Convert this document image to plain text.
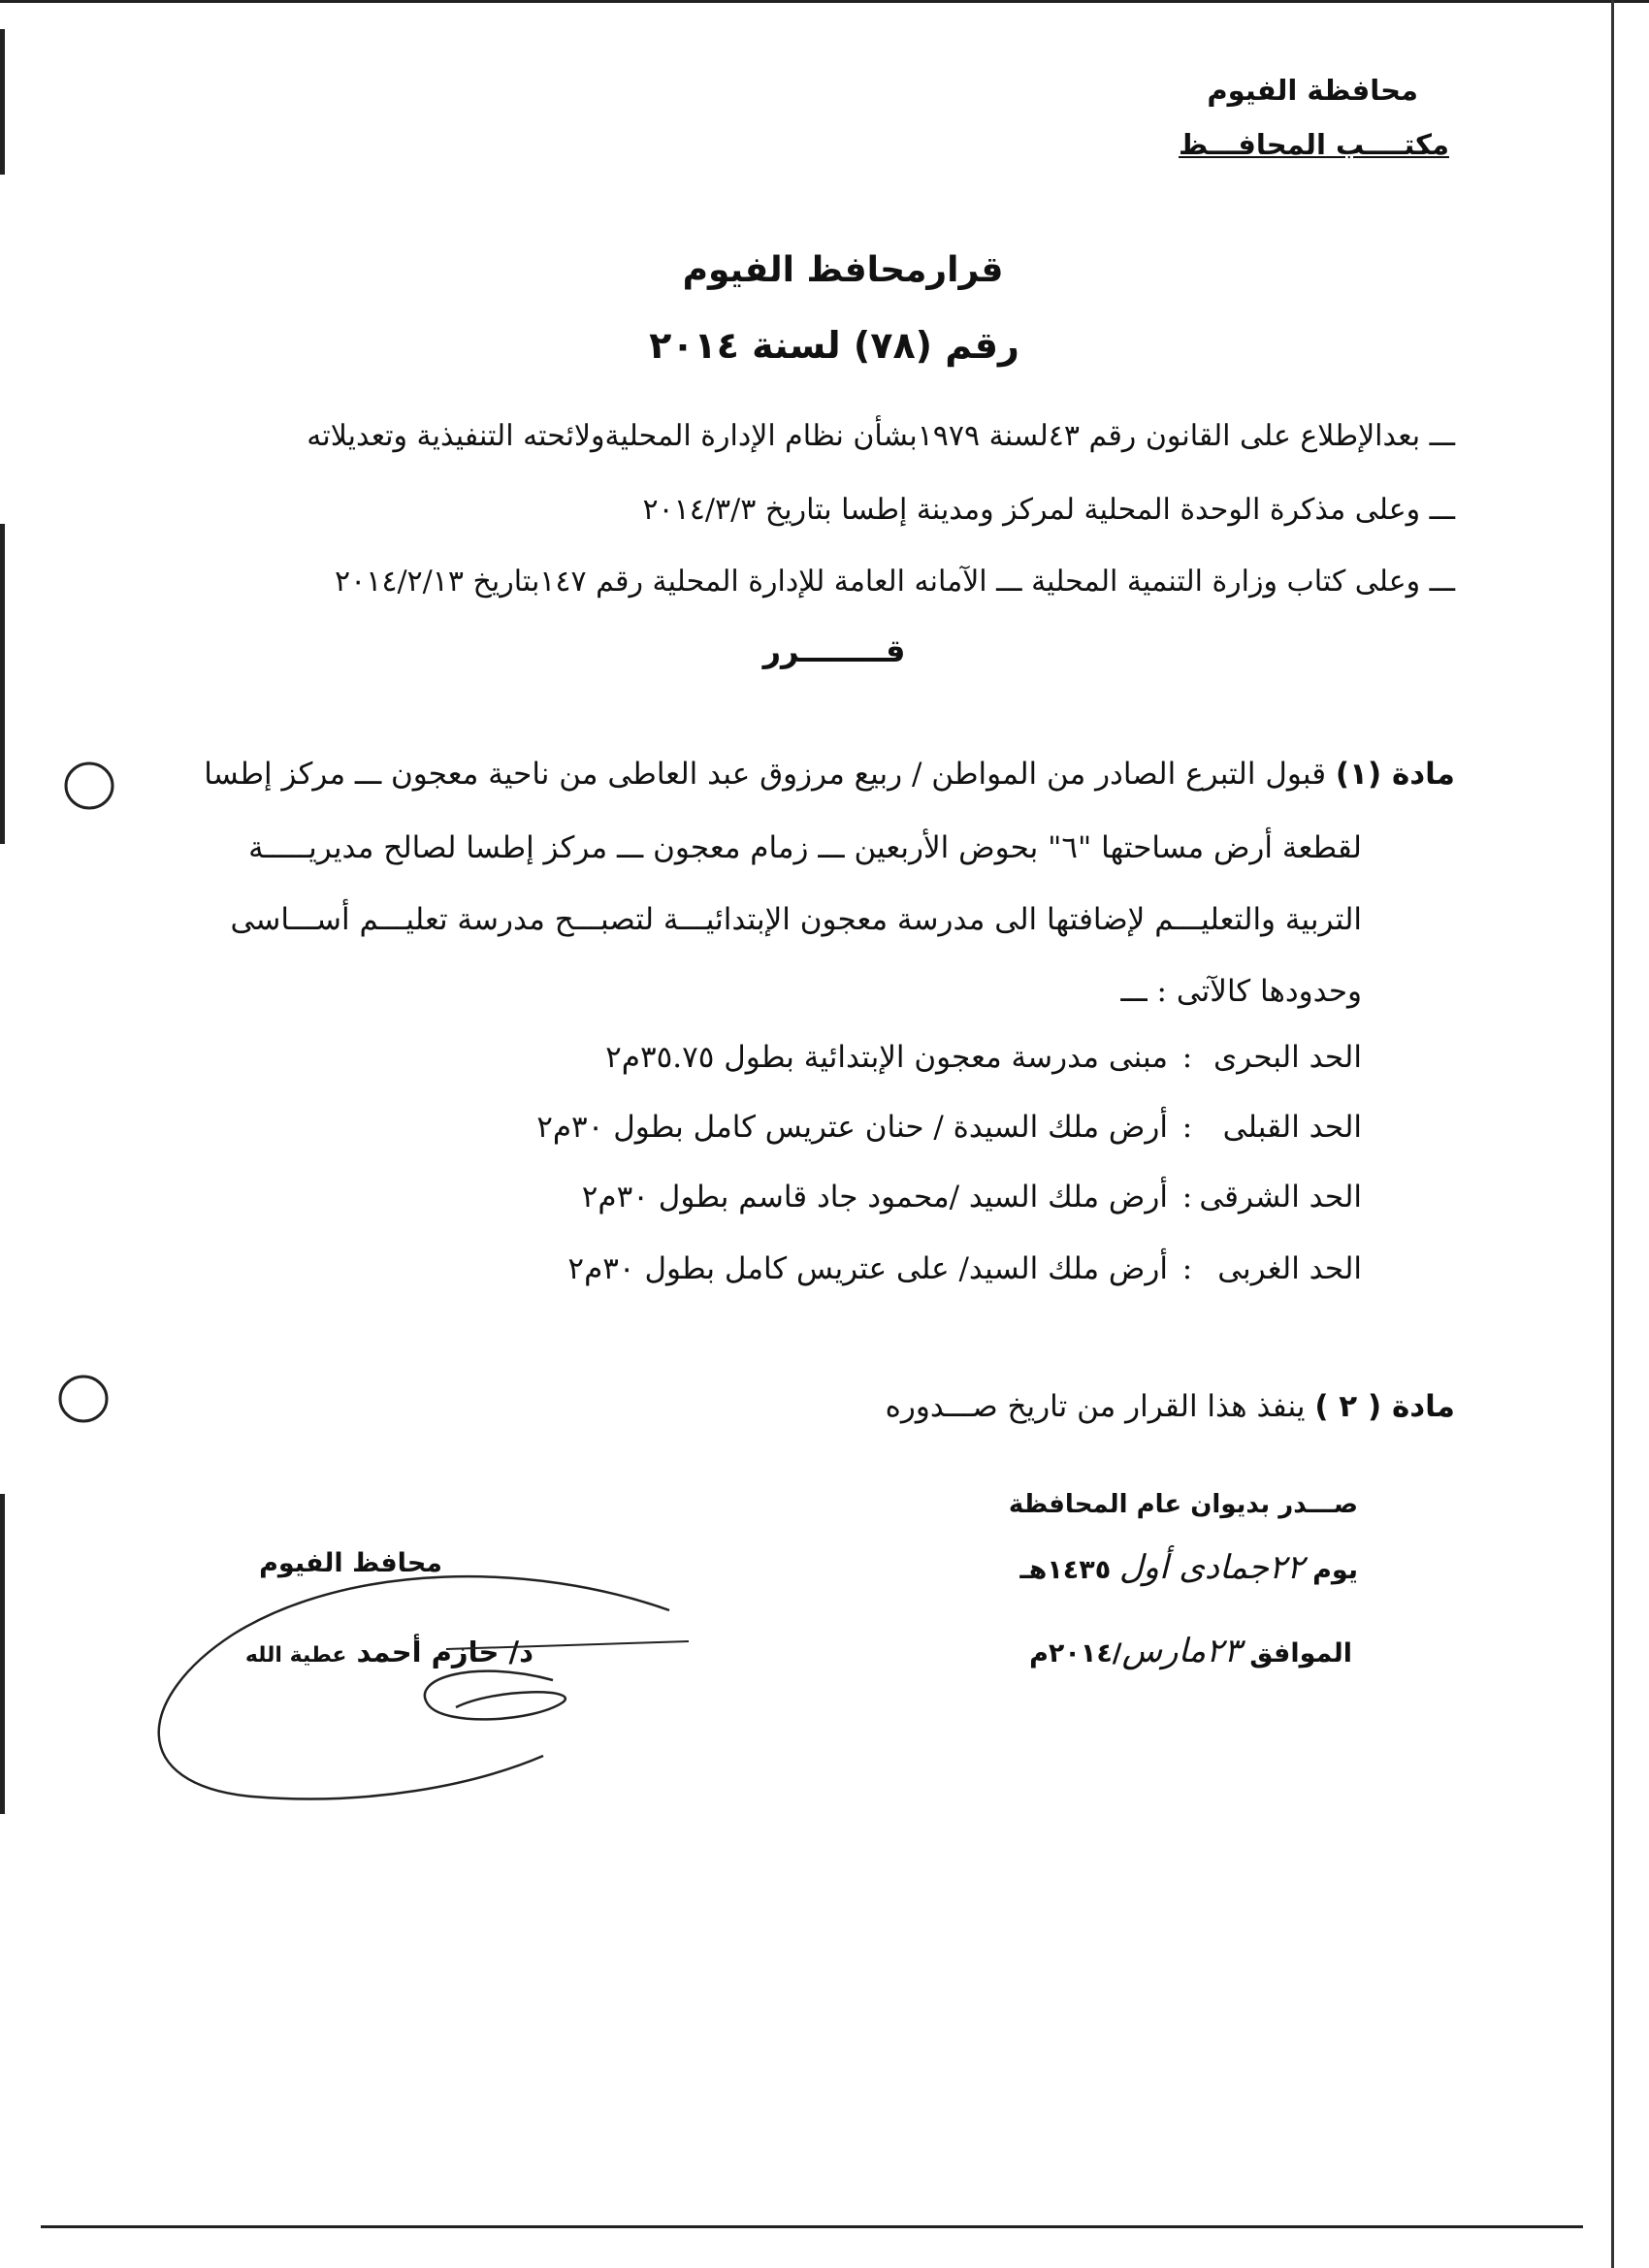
محافظة الفيوم
مكتــــب المحافـــظ
قرارمحافظ الفيوم
رقم (٧٨) لسنة ٢٠١٤
ـــ بعدالإطلاع على القانون رقم ٤٣لسنة ١٩٧٩بشأن نظام الإدارة المحليةولائحته التنفيذية وتعديلاته
ـــ وعلى مذكرة الوحدة المحلية لمركز ومدينة إطسا بتاريخ ٢٠١٤/٣/٣
ـــ وعلى كتاب وزارة التنمية المحلية ـــ الآمانه العامة للإدارة المحلية رقم ١٤٧بتاريخ ٢٠١٤/٢/١٣
قــــــــرر
مادة (١) قبول التبرع الصادر من المواطن / ربيع مرزوق عبد العاطى من ناحية معجون ـــ مركز إطسا
لقطعة أرض مساحتها "٦" بحوض الأربعين ـــ زمام معجون ـــ مركز إطسا لصالح مديريـــــة
التربية والتعليـــم لإضافتها الى مدرسة معجون الإبتدائيـــة لتصبـــح مدرسة تعليـــم أســـاسى
وحدودها كالآتى : ـــ
الحد البحرى:مبنى مدرسة معجون الإبتدائية بطول ٣٥.٧٥م٢
الحد القبلى:أرض ملك السيدة / حنان عتريس كامل بطول ٣٠م٢
الحد الشرقى:أرض ملك السيد /محمود جاد قاسم بطول ٣٠م٢
الحد الغربى:أرض ملك السيد/ على عتريس كامل بطول ٣٠م٢
مادة ( ٢ ) ينفذ هذا القرار من تاريخ صـــدوره
صـــدر بديوان عام المحافظة
يوم ٢٢جمادى أول ١٤٣٥هـ
الموافق ٢٣مارس/٢٠١٤م
محافظ الفيوم
د/ حازم أحمد عطية الله
